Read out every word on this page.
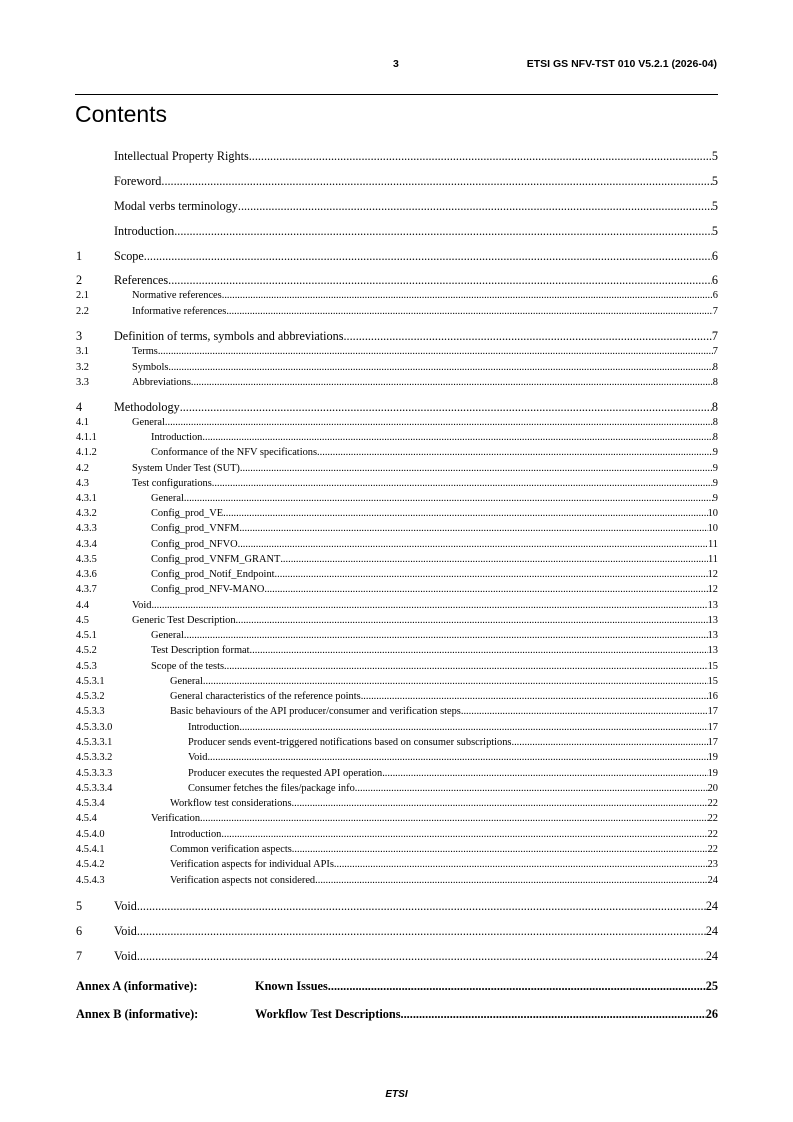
3	ETSI GS NFV-TST 010 V5.2.1 (2026-04)
Contents
Intellectual Property Rights .....	5
Foreword .....	5
Modal verbs terminology .....	5
Introduction .....	5
1	Scope .....	6
2	References .....	6
2.1	Normative references .....	6
2.2	Informative references .....	7
3	Definition of terms, symbols and abbreviations .....	7
3.1	Terms .....	7
3.2	Symbols .....	8
3.3	Abbreviations .....	8
4	Methodology .....	8
4.1	General .....	8
4.1.1	Introduction .....	8
4.1.2	Conformance of the NFV specifications .....	9
4.2	System Under Test (SUT) .....	9
4.3	Test configurations .....	9
4.3.1	General .....	9
4.3.2	Config_prod_VE .....	10
4.3.3	Config_prod_VNFM .....	10
4.3.4	Config_prod_NFVO .....	11
4.3.5	Config_prod_VNFM_GRANT .....	11
4.3.6	Config_prod_Notif_Endpoint .....	12
4.3.7	Config_prod_NFV-MANO .....	12
4.4	Void .....	13
4.5	Generic Test Description .....	13
4.5.1	General .....	13
4.5.2	Test Description format .....	13
4.5.3	Scope of the tests .....	15
4.5.3.1	General .....	15
4.5.3.2	General characteristics of the reference points .....	16
4.5.3.3	Basic behaviours of the API producer/consumer and verification steps .....	17
4.5.3.3.0	Introduction .....	17
4.5.3.3.1	Producer sends event-triggered notifications based on consumer subscriptions .....	17
4.5.3.3.2	Void .....	19
4.5.3.3.3	Producer executes the requested API operation .....	19
4.5.3.3.4	Consumer fetches the files/package info .....	20
4.5.3.4	Workflow test considerations .....	22
4.5.4	Verification .....	22
4.5.4.0	Introduction .....	22
4.5.4.1	Common verification aspects .....	22
4.5.4.2	Verification aspects for individual APIs .....	23
4.5.4.3	Verification aspects not considered .....	24
5	Void .....	24
6	Void .....	24
7	Void .....	24
Annex A (informative):	Known Issues .....	25
Annex B (informative):	Workflow Test Descriptions .....	26
ETSI
